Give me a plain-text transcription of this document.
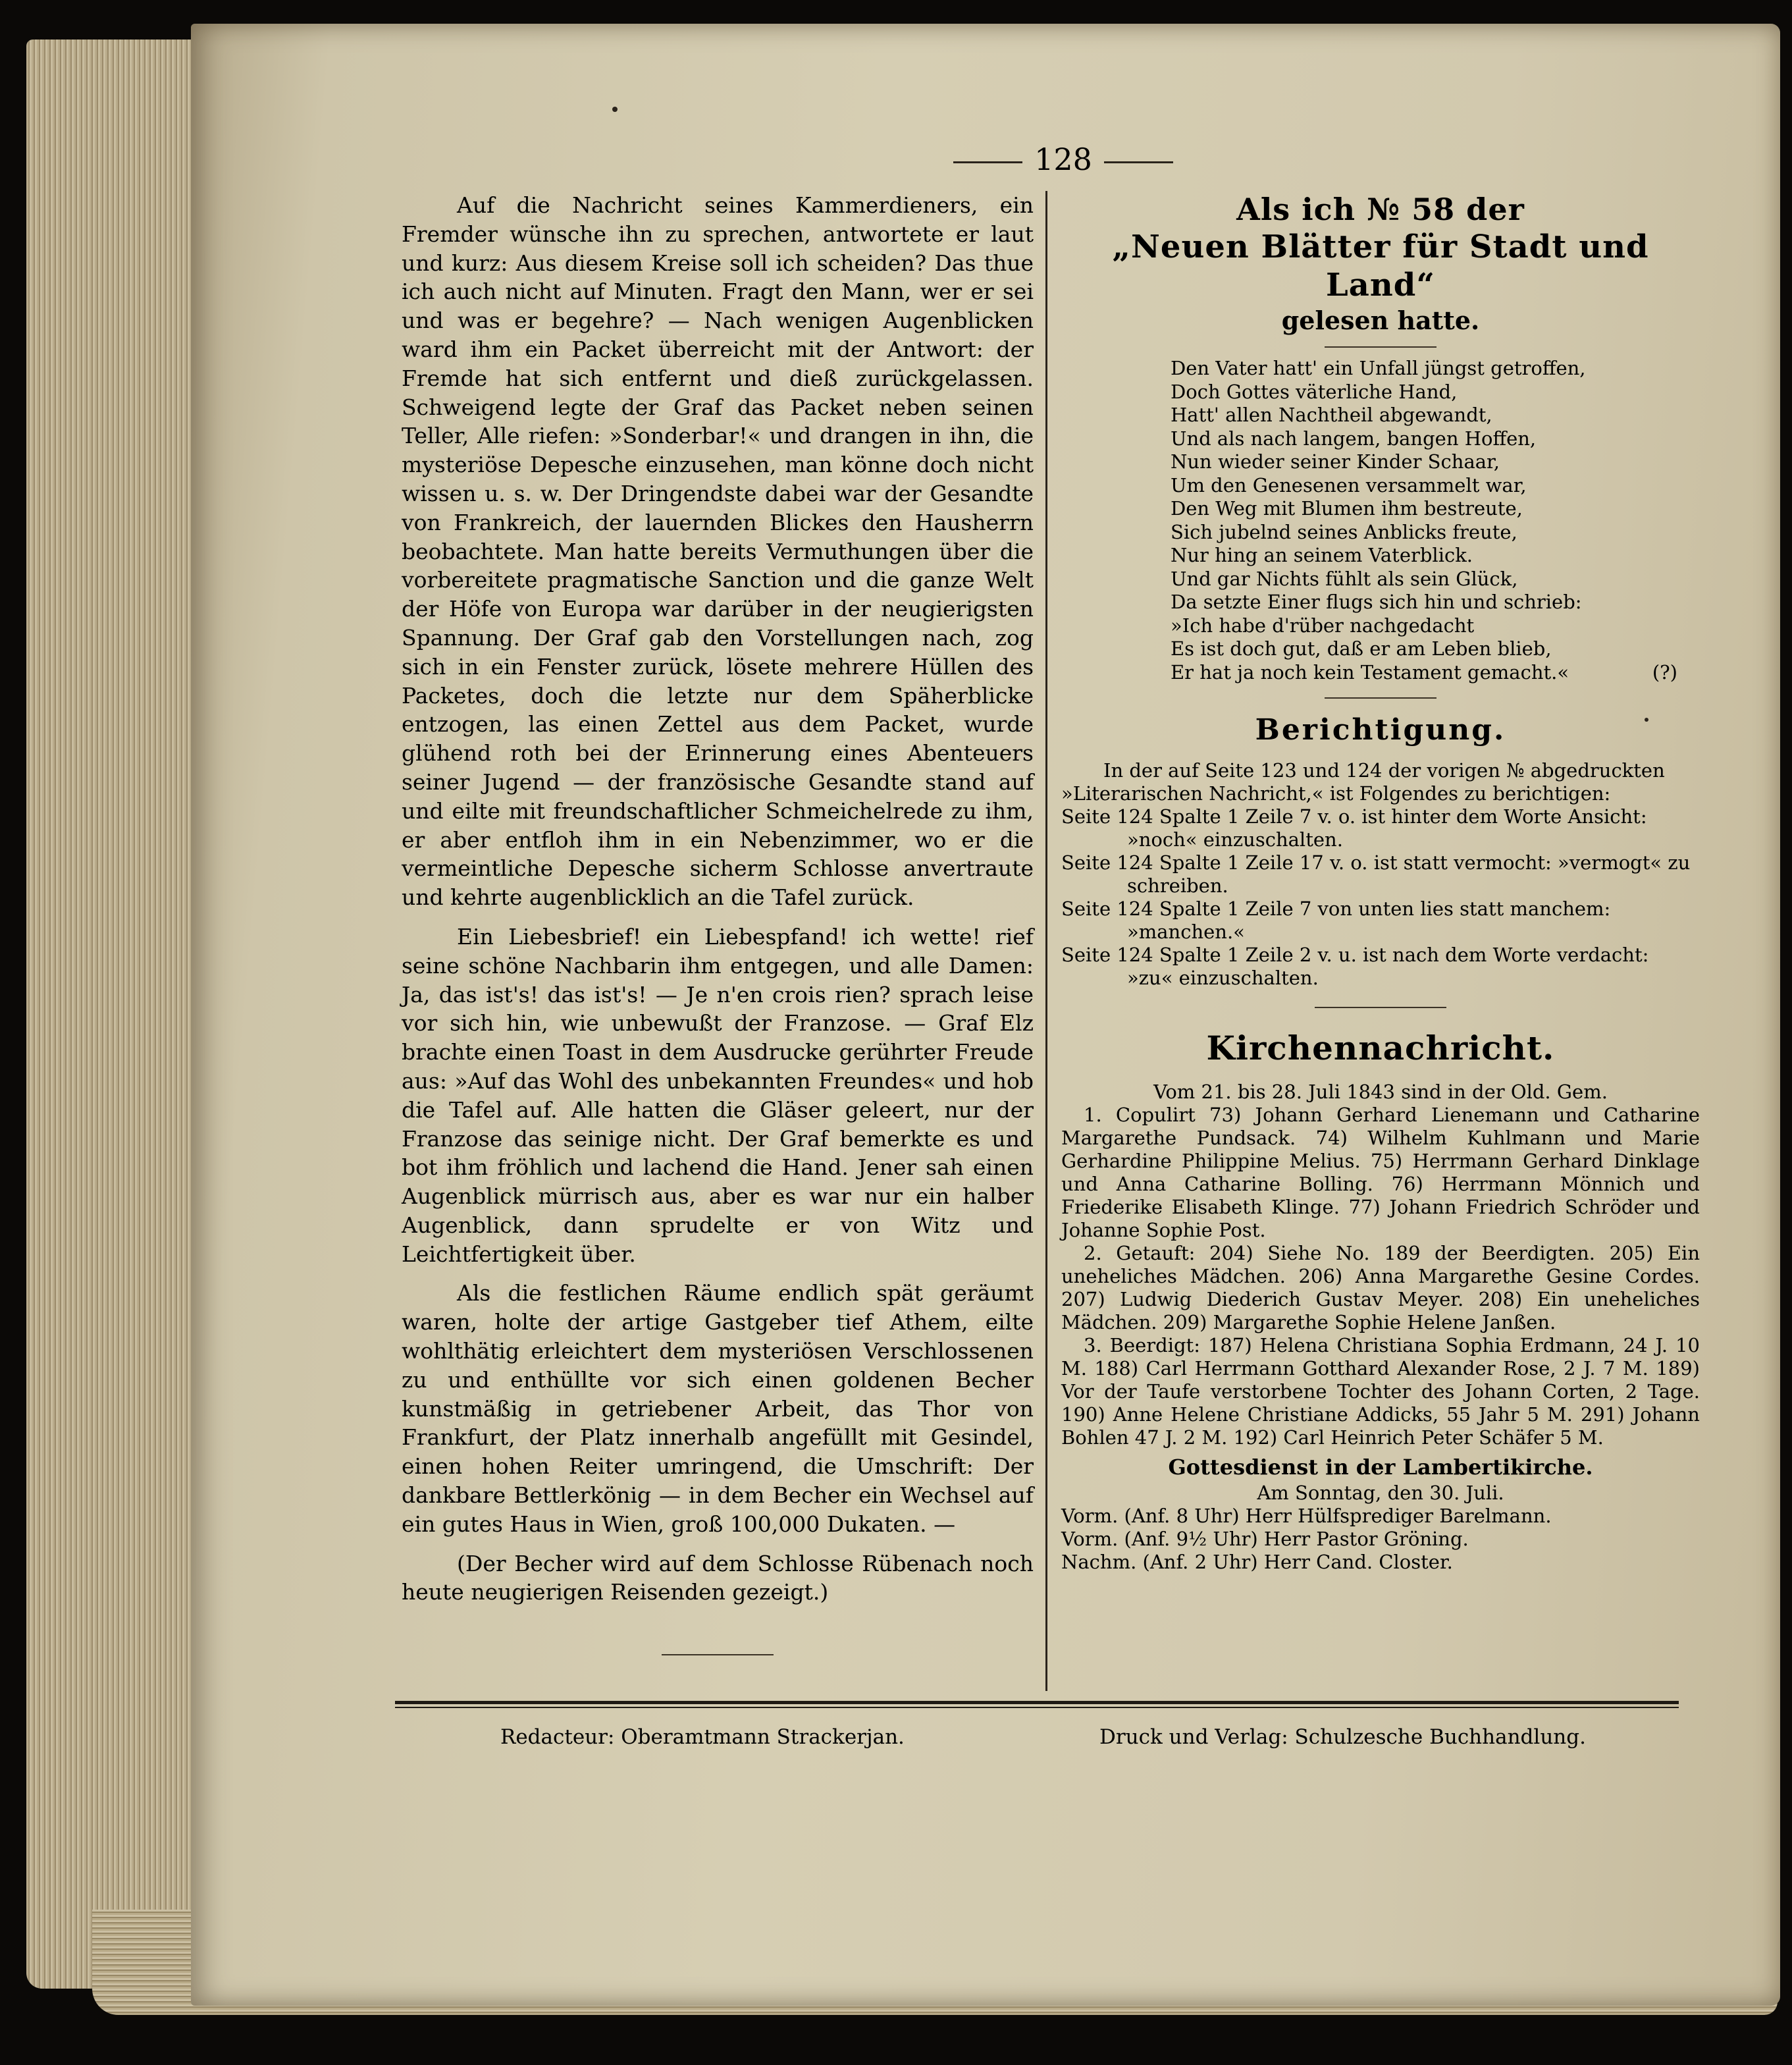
128

Auf die Nachricht seines Kammerdieners, ein Fremder wünsche ihn zu sprechen, antwortete er laut und kurz: Aus diesem Kreise soll ich scheiden? Das thue ich auch nicht auf Minuten. Fragt den Mann, wer er sei und was er begehre? — Nach wenigen Augenblicken ward ihm ein Packet überreicht mit der Antwort: der Fremde hat sich entfernt und dieß zurückgelassen. Schweigend legte der Graf das Packet neben seinen Teller, Alle riefen: »Sonderbar!« und drangen in ihn, die mysteriöse Depesche einzusehen, man könne doch nicht wissen u. s. w. Der Dringendste dabei war der Gesandte von Frankreich, der lauernden Blickes den Hausherrn beobachtete. Man hatte bereits Vermuthungen über die vorbereitete pragmatische Sanction und die ganze Welt der Höfe von Europa war darüber in der neugierigsten Spannung. Der Graf gab den Vorstellungen nach, zog sich in ein Fenster zurück, lösete mehrere Hüllen des Packetes, doch die letzte nur dem Späherblicke entzogen, las einen Zettel aus dem Packet, wurde glühend roth bei der Erinnerung eines Abenteuers seiner Jugend — der französische Gesandte stand auf und eilte mit freundschaftlicher Schmeichelrede zu ihm, er aber entfloh ihm in ein Nebenzimmer, wo er die vermeintliche Depesche sicherm Schlosse anvertraute und kehrte augenblicklich an die Tafel zurück.

Ein Liebesbrief! ein Liebespfand! ich wette! rief seine schöne Nachbarin ihm entgegen, und alle Damen: Ja, das ist's! das ist's! — Je n'en crois rien? sprach leise vor sich hin, wie unbewußt der Franzose. — Graf Elz brachte einen Toast in dem Ausdrucke gerührter Freude aus: »Auf das Wohl des unbekannten Freundes« und hob die Tafel auf. Alle hatten die Gläser geleert, nur der Franzose das seinige nicht. Der Graf bemerkte es und bot ihm fröhlich und lachend die Hand. Jener sah einen Augenblick mürrisch aus, aber es war nur ein halber Augenblick, dann sprudelte er von Witz und Leichtfertigkeit über.

Als die festlichen Räume endlich spät geräumt waren, holte der artige Gastgeber tief Athem, eilte wohlthätig erleichtert dem mysteriösen Verschlossenen zu und enthüllte vor sich einen goldenen Becher kunstmäßig in getriebener Arbeit, das Thor von Frankfurt, der Platz innerhalb angefüllt mit Gesindel, einen hohen Reiter umringend, die Umschrift: Der dankbare Bettlerkönig — in dem Becher ein Wechsel auf ein gutes Haus in Wien, groß 100,000 Dukaten. —

(Der Becher wird auf dem Schlosse Rübenach noch heute neugierigen Reisenden gezeigt.)

Als ich № 58 der
„Neuen Blätter für Stadt und Land“
gelesen hatte.
Den Vater hatt' ein Unfall jüngst getroffen,
Doch Gottes väterliche Hand,
Hatt' allen Nachtheil abgewandt,
Und als nach langem, bangen Hoffen,
Nun wieder seiner Kinder Schaar,
Um den Genesenen versammelt war,
Den Weg mit Blumen ihm bestreute,
Sich jubelnd seines Anblicks freute,
Nur hing an seinem Vaterblick.
Und gar Nichts fühlt als sein Glück,
Da setzte Einer flugs sich hin und schrieb:
»Ich habe d'rüber nachgedacht
Es ist doch gut, daß er am Leben blieb,
Er hat ja noch kein Testament gemacht.«	(?)
Berichtigung.
In der auf Seite 123 und 124 der vorigen № abgedruckten »Literarischen Nachricht,« ist Folgendes zu berichtigen:
Seite 124 Spalte 1 Zeile 7 v. o. ist hinter dem Worte Ansicht: »noch« einzuschalten.
Seite 124 Spalte 1 Zeile 17 v. o. ist statt vermocht: »vermogt« zu schreiben.
Seite 124 Spalte 1 Zeile 7 von unten lies statt manchem: »manchen.«
Seite 124 Spalte 1 Zeile 2 v. u. ist nach dem Worte verdacht: »zu« einzuschalten.
Kirchennachricht.

Vom 21. bis 28. Juli 1843 sind in der Old. Gem.

1. Copulirt 73) Johann Gerhard Lienemann und Catharine Margarethe Pundsack. 74) Wilhelm Kuhlmann und Marie Gerhardine Philippine Melius. 75) Herrmann Gerhard Dinklage und Anna Catharine Bolling. 76) Herrmann Mönnich und Friederike Elisabeth Klinge. 77) Johann Friedrich Schröder und Johanne Sophie Post.

2. Getauft: 204) Siehe No. 189 der Beerdigten. 205) Ein uneheliches Mädchen. 206) Anna Margarethe Gesine Cordes. 207) Ludwig Diederich Gustav Meyer. 208) Ein uneheliches Mädchen. 209) Margarethe Sophie Helene Janßen.

3. Beerdigt: 187) Helena Christiana Sophia Erdmann, 24 J. 10 M. 188) Carl Herrmann Gotthard Alexander Rose, 2 J. 7 M. 189) Vor der Taufe verstorbene Tochter des Johann Corten, 2 Tage. 190) Anne Helene Christiane Addicks, 55 Jahr 5 M. 291) Johann Bohlen 47 J. 2 M. 192) Carl Heinrich Peter Schäfer 5 M.

Gottesdienst in der Lambertikirche.

Am Sonntag, den 30. Juli.

Vorm. (Anf. 8 Uhr) Herr Hülfsprediger Barelmann.

Vorm. (Anf. 9½ Uhr) Herr Pastor Gröning.

Nachm. (Anf. 2 Uhr) Herr Cand. Closter.

Redacteur: Oberamtmann Strackerjan.	Druck und Verlag: Schulzesche Buchhandlung.
